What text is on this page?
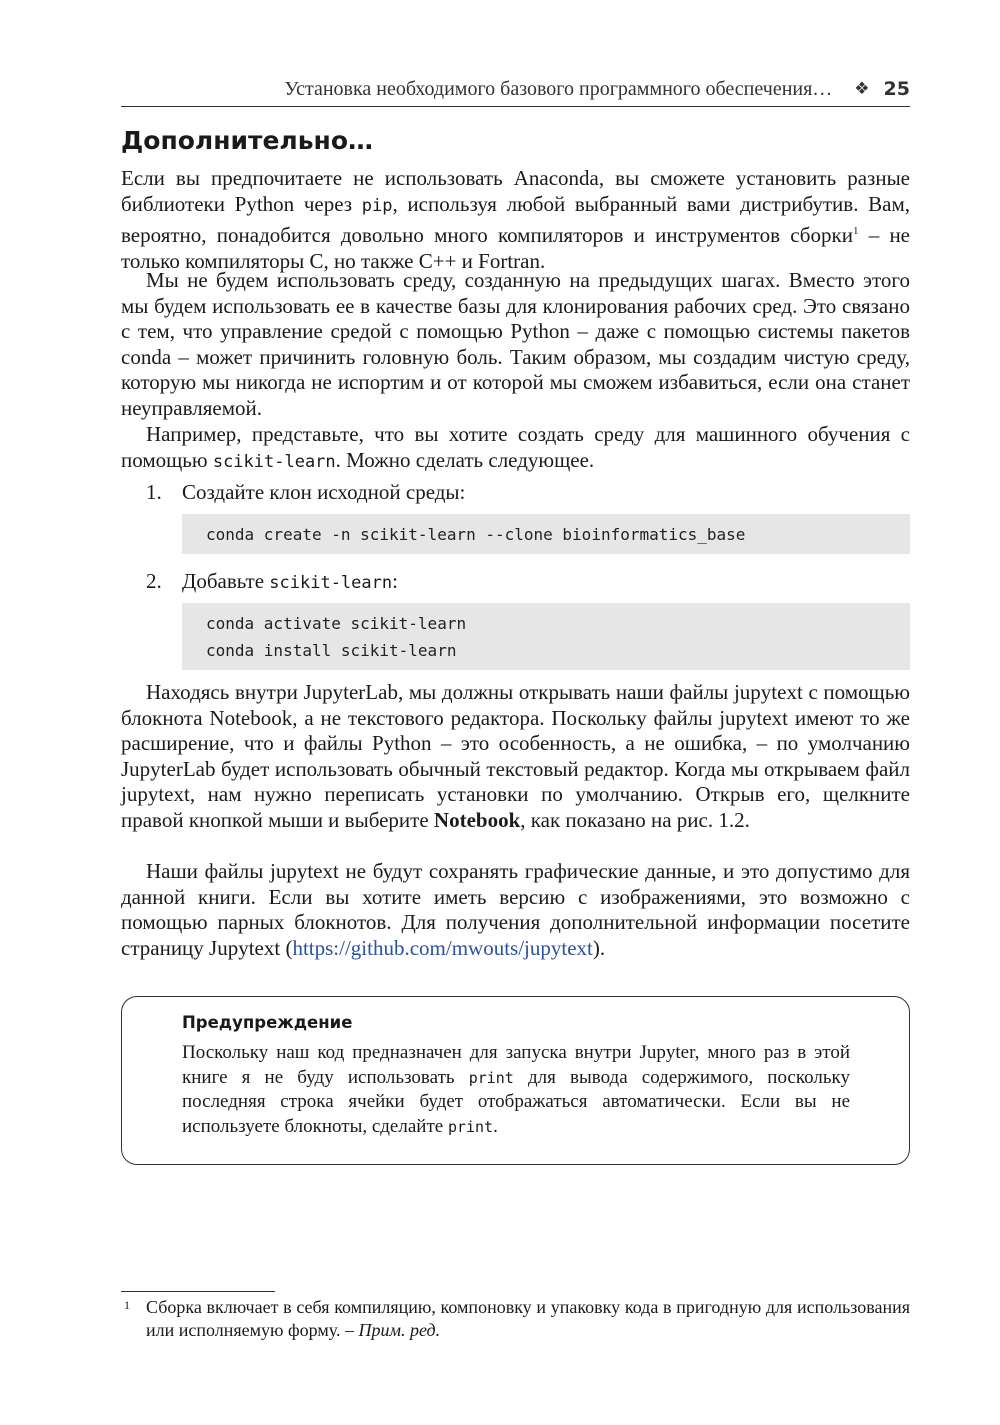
Установка необходимого базового программного обеспечения… ❖ 25
Дополнительно…

Если вы предпочитаете не использовать Anaconda, вы сможете установить разные библиотеки Python через pip, используя любой выбранный вами дистрибутив. Вам, вероятно, понадобится довольно много компиляторов и инструментов сборки$^1$ – не только компиляторы C, но также C++ и Fortran.

Мы не будем использовать среду, созданную на предыдущих шагах. Вместо этого мы будем использовать ее в качестве базы для клонирования рабочих сред. Это связано с тем, что управление средой с помощью Python – даже с помощью системы пакетов conda – может причинить головную боль. Таким образом, мы создадим чистую среду, которую мы никогда не испортим и от которой мы сможем избавиться, если она станет неуправляемой.

Например, представьте, что вы хотите создать среду для машинного обучения с помощью scikit-learn. Можно сделать следующее.

1. Создайте клон исходной среды:
conda create -n scikit-learn --clone bioinformatics_base
2. Добавьте scikit-learn:
conda activate scikit-learn
conda install scikit-learn

Находясь внутри JupyterLab, мы должны открывать наши файлы jupytext с помощью блокнота Notebook, а не текстового редактора. Поскольку файлы jupytext имеют то же расширение, что и файлы Python – это особенность, а не ошибка, – по умолчанию JupyterLab будет использовать обычный текстовый редактор. Когда мы открываем файл jupytext, нам нужно переписать установки по умолчанию. Открыв его, щелкните правой кнопкой мыши и выберите Notebook, как показано на рис. 1.2.

Наши файлы jupytext не будут сохранять графические данные, и это допустимо для данной книги. Если вы хотите иметь версию с изображениями, это возможно с помощью парных блокнотов. Для получения дополнительной информации посетите страницу Jupytext (https://github.com/mwouts/jupytext).

Предупреждение
Поскольку наш код предназначен для запуска внутри Jupyter, много раз в этой книге я не буду использовать print для вывода содержимого, поскольку последняя строка ячейки будет отображаться автоматически. Если вы не используете блокноты, сделайте print.
1 Сборка включает в себя компиляцию, компоновку и упаковку кода в пригодную для использования или исполняемую форму. – Прим. ред.
